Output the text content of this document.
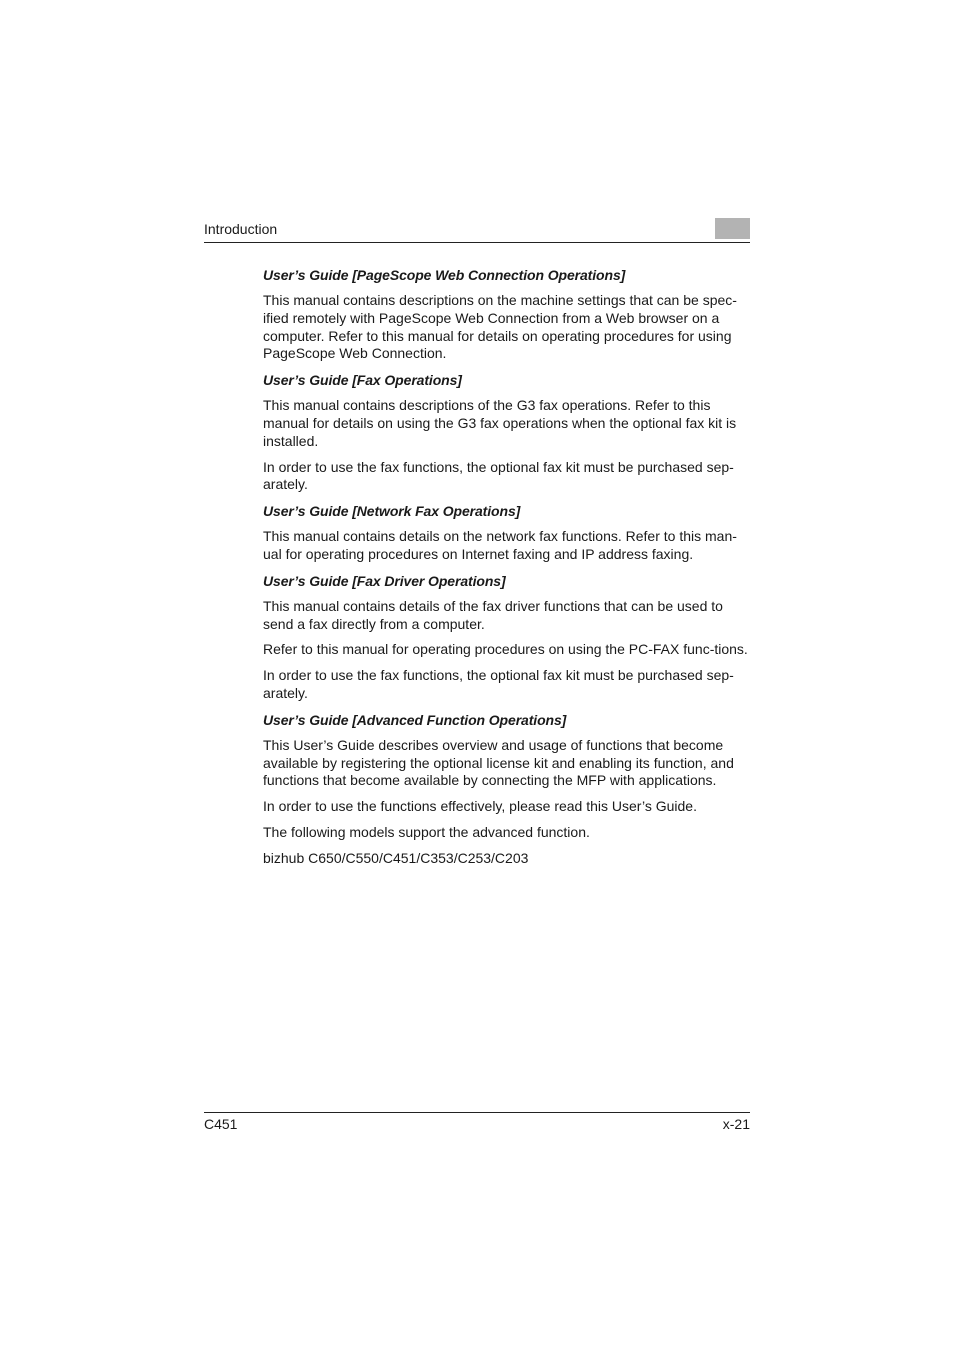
Introduction
User’s Guide [PageScope Web Connection Operations]

This manual contains descriptions on the machine settings that can be spec-ified remotely with PageScope Web Connection from a Web browser on a computer. Refer to this manual for details on operating procedures for using PageScope Web Connection.

User’s Guide [Fax Operations]

This manual contains descriptions of the G3 fax operations. Refer to this manual for details on using the G3 fax operations when the optional fax kit is installed.

In order to use the fax functions, the optional fax kit must be purchased sep-arately.

User’s Guide [Network Fax Operations]

This manual contains details on the network fax functions. Refer to this man-ual for operating procedures on Internet faxing and IP address faxing.

User’s Guide [Fax Driver Operations]

This manual contains details of the fax driver functions that can be used to send a fax directly from a computer.

Refer to this manual for operating procedures on using the PC-FAX func-tions.

In order to use the fax functions, the optional fax kit must be purchased sep-arately.

User’s Guide [Advanced Function Operations]

This User’s Guide describes overview and usage of functions that become available by registering the optional license kit and enabling its function, and functions that become available by connecting the MFP with applications.

In order to use the functions effectively, please read this User’s Guide.

The following models support the advanced function.

bizhub C650/C550/C451/C353/C253/C203

C451	x-21
